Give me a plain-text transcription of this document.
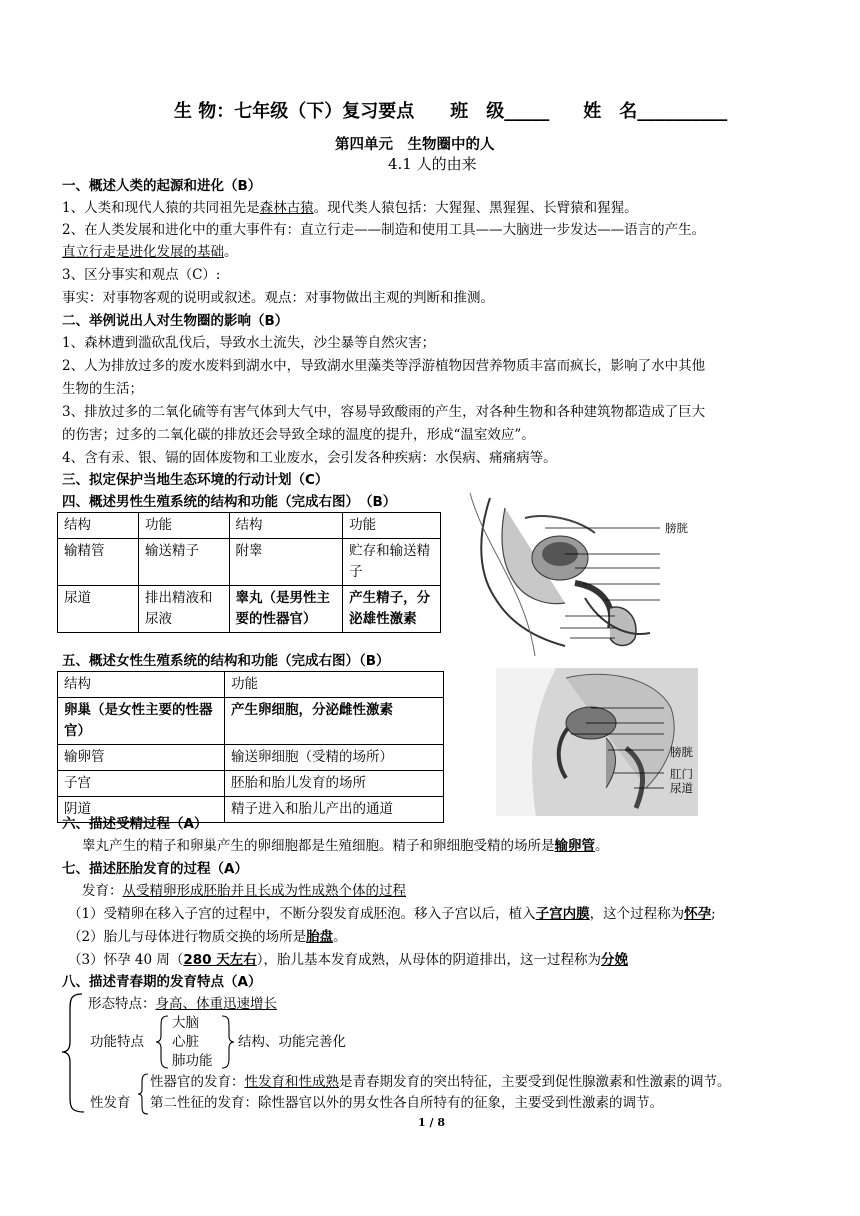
生 物：七年级（下）复习要点 班　级_____ 姓　名__________
第四单元　生物圈中的人
4.1 人的由来
一、概述人类的起源和进化（B）
1、人类和现代人猿的共同祖先是森林古猿。现代类人猿包括：大猩猩、黑猩猩、长臂猿和猩猩。
2、在人类发展和进化中的重大事件有：直立行走——制造和使用工具——大脑进一步发达——语言的产生。
直立行走是进化发展的基础。
3、区分事实和观点（C）:
事实：对事物客观的说明或叙述。观点：对事物做出主观的判断和推测。
二、举例说出人对生物圈的影响（B）
1、森林遭到滥砍乱伐后，导致水土流失，沙尘暴等自然灾害；
2、人为排放过多的废水废料到湖水中，导致湖水里藻类等浮游植物因营养物质丰富而疯长，影响了水中其他
生物的生活；
3、排放过多的二氧化硫等有害气体到大气中，容易导致酸雨的产生，对各种生物和各种建筑物都造成了巨大
的伤害；过多的二氧化碳的排放还会导致全球的温度的提升，形成“温室效应”。
4、含有汞、银、镉的固体废物和工业废水，会引发各种疾病：水俣病、痛痛病等。
三、拟定保护当地生态环境的行动计划（C）
四、概述男性生殖系统的结构和功能（完成右图）　（B）
结构	功能	结构	功能
输精管	输送精子	附睾	贮存和输送精子
尿道	排出精液和尿液	睾丸（是男性主要的性器官）	产生精子，分泌雄性激素
膀胱
五、概述女性生殖系统的结构和功能（完成右图）（B）
结构	功能
卵巢（是女性主要的性器官）	产生卵细胞，分泌雌性激素
输卵管	输送卵细胞（受精的场所）
子宫	胚胎和胎儿发育的场所
阴道	精子进入和胎儿产出的通道
膀胱
肛门
尿道
六、描述受精过程（A）
睾丸产生的精子和卵巢产生的卵细胞都是生殖细胞。精子和卵细胞受精的场所是输卵管。
七、描述胚胎发育的过程（A）
发育：从受精卵形成胚胎并且长成为性成熟个体的过程
（1）受精卵在移入子宫的过程中，不断分裂发育成胚泡。移入子宫以后，植入子宫内膜，这个过程称为怀孕;
（2）胎儿与母体进行物质交换的场所是胎盘。
（3）怀孕 40 周（280 天左右），胎儿基本发育成熟，从母体的阴道排出，这一过程称为分娩
八、描述青春期的发育特点（A）
形态特点：身高、体重迅速增长
功能特点
大脑
心脏
肺功能
结构、功能完善化
性发育
性器官的发育：性发育和性成熟是青春期发育的突出特征，主要受到促性腺激素和性激素的调节。
第二性征的发育：除性器官以外的男女性各自所特有的征象，主要受到性激素的调节。
1 / 8
